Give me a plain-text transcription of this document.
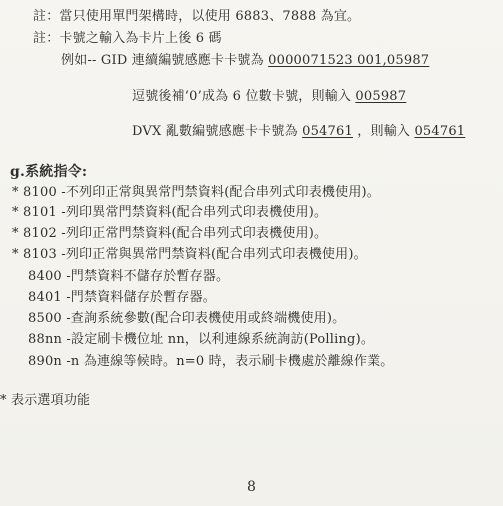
註：當只使用單門架構時，以使用 6883、7888 為宜。
註：卡號之輸入為卡片上後 6 碼
例如-- GID 連續編號感應卡卡號為 0000071523 001,05987
逗號後補‘0’成為 6 位數卡號，則輸入 005987
DVX 亂數編號感應卡卡號為 054761 ，則輸入 054761
g.系統指令:
* 8100 -不列印正常與異常門禁資料(配合串列式印表機使用)。
* 8101 -列印異常門禁資料(配合串列式印表機使用)。
* 8102 -列印正常門禁資料(配合串列式印表機使用)。
* 8103 -列印正常與異常門禁資料(配合串列式印表機使用)。
8400 -門禁資料不儲存於暫存器。
8401 -門禁資料儲存於暫存器。
8500 -查詢系統參數(配合印表機使用或終端機使用)。
88nn -設定刷卡機位址 nn，以利連線系統詢訪(Polling)。
890n -n 為連線等候時。n=0 時，表示刷卡機處於離線作業。
* 表示選項功能
8
